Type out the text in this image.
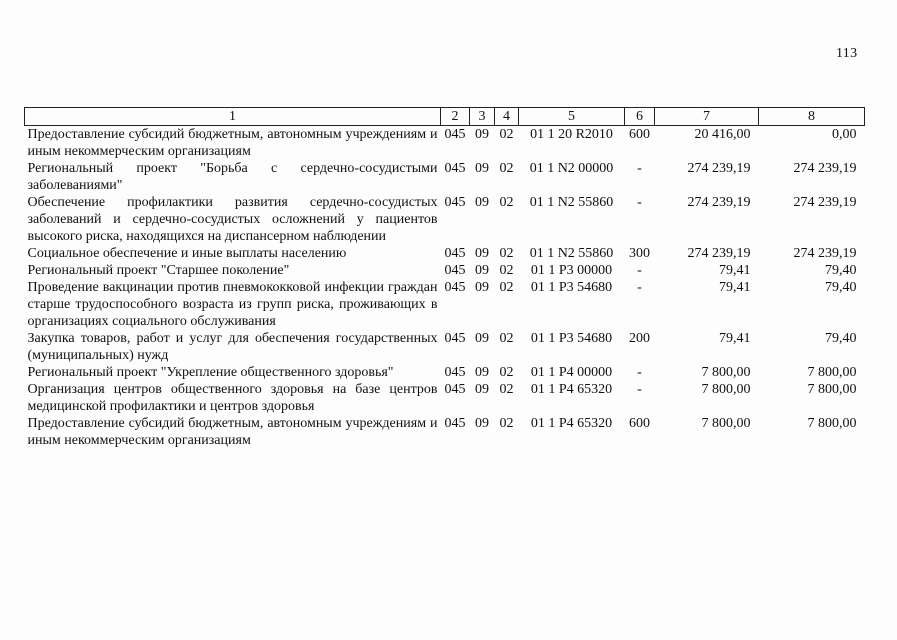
113
1	2	3	4	5	6	7	8
Предоставление субсидий бюджетным, автономным учреждениям и иным некоммерческим организациям	045	09	02	01 1 20 R2010	600	20 416,00	0,00
Региональный проект "Борьба с сердечно-сосудистыми заболеваниями"	045	09	02	01 1 N2 00000	-	274 239,19	274 239,19
Обеспечение профилактики развития сердечно-сосудистых заболеваний и сердечно-сосудистых осложнений у пациентов высокого риска, находящихся на диспансерном наблюдении	045	09	02	01 1 N2 55860	-	274 239,19	274 239,19
Социальное обеспечение и иные выплаты населению	045	09	02	01 1 N2 55860	300	274 239,19	274 239,19
Региональный проект "Старшее поколение"	045	09	02	01 1 P3 00000	-	79,41	79,40
Проведение вакцинации против пневмококковой инфекции граждан старше трудоспособного возраста из групп риска, проживающих в организациях социального обслуживания	045	09	02	01 1 P3 54680	-	79,41	79,40
Закупка товаров, работ и услуг для обеспечения государственных (муниципальных) нужд	045	09	02	01 1 P3 54680	200	79,41	79,40
Региональный проект "Укрепление общественного здоровья"	045	09	02	01 1 P4 00000	-	7 800,00	7 800,00
Организация центров общественного здоровья на базе центров медицинской профилактики и центров здоровья	045	09	02	01 1 P4 65320	-	7 800,00	7 800,00
Предоставление субсидий бюджетным, автономным учреждениям и иным некоммерческим организациям	045	09	02	01 1 P4 65320	600	7 800,00	7 800,00
